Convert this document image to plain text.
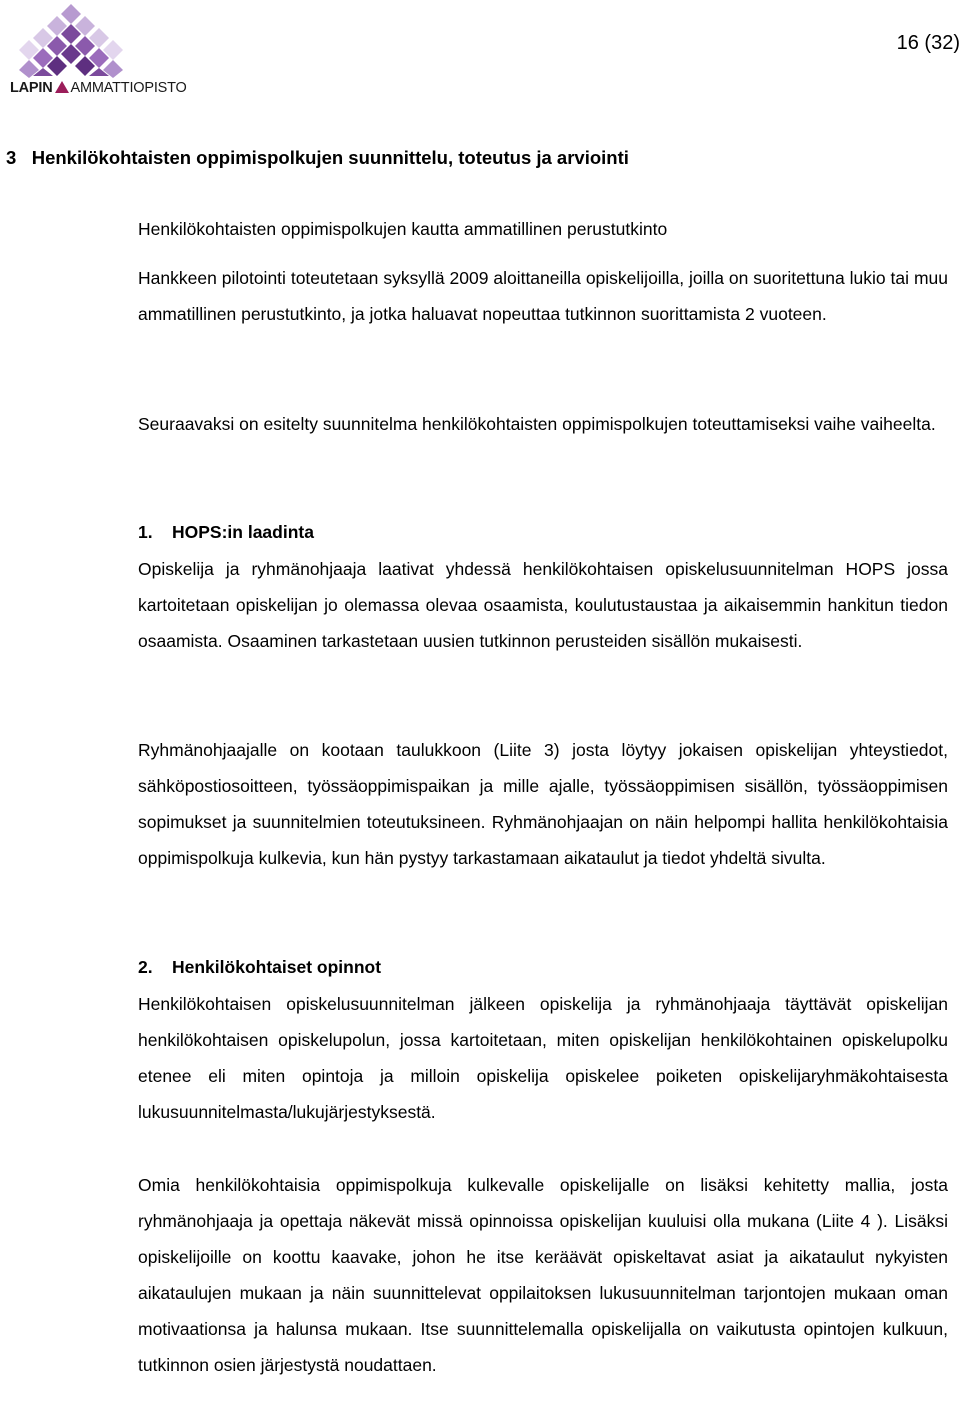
LAPIN AMMATTIOPISTO
16 (32)
3   Henkilökohtaisten oppimispolkujen suunnittelu, toteutus ja arviointi
Henkilökohtaisten oppimispolkujen kautta ammatillinen perustutkinto
Hankkeen pilotointi toteutetaan syksyllä 2009 aloittaneilla opiskelijoilla, joilla on suoritettuna lukio tai muu ammatillinen perustutkinto, ja jotka haluavat nopeuttaa tutkinnon suorittamista 2 vuoteen.
Seuraavaksi on esitelty suunnitelma henkilökohtaisten oppimispolkujen toteuttamiseksi vaihe vaiheelta.
1. HOPS:in laadinta
Opiskelija ja ryhmänohjaaja laativat yhdessä henkilökohtaisen opiskelusuunnitelman HOPS jossa kartoitetaan opiskelijan jo olemassa olevaa osaamista, koulutustaustaa ja aikaisemmin hankitun tiedon osaamista. Osaaminen tarkastetaan uusien tutkinnon perusteiden sisällön mukaisesti.
Ryhmänohjaajalle on kootaan taulukkoon (Liite 3) josta löytyy jokaisen opiskelijan yhteystiedot, sähköpostiosoitteen, työssäoppimispaikan ja mille ajalle, työssäoppimisen sisällön, työssäoppimisen sopimukset ja suunnitelmien toteutuksineen. Ryhmänohjaajan on näin helpompi hallita henkilökohtaisia oppimispolkuja kulkevia, kun hän pystyy tarkastamaan aikataulut ja tiedot yhdeltä sivulta.
2. Henkilökohtaiset opinnot
Henkilökohtaisen opiskelusuunnitelman jälkeen opiskelija ja ryhmänohjaaja täyttävät opiskelijan henkilökohtaisen opiskelupolun, jossa kartoitetaan, miten opiskelijan henkilökohtainen opiskelupolku etenee eli miten opintoja ja milloin opiskelija opiskelee poiketen opiskelijaryhmäkohtaisesta lukusuunnitelmasta/lukujärjestyksestä.
Omia henkilökohtaisia oppimispolkuja kulkevalle opiskelijalle on lisäksi kehitetty mallia, josta ryhmänohjaaja ja opettaja näkevät missä opinnoissa opiskelijan kuuluisi olla mukana (Liite 4 ). Lisäksi opiskelijoille on koottu kaavake, johon he itse keräävät opiskeltavat asiat ja aikataulut nykyisten aikataulujen mukaan ja näin suunnittelevat oppilaitoksen lukusuunnitelman tarjontojen mukaan oman motivaationsa ja halunsa mukaan. Itse suunnittelemalla opiskelijalla on vaikutusta opintojen kulkuun, tutkinnon osien järjestystä noudattaen.
